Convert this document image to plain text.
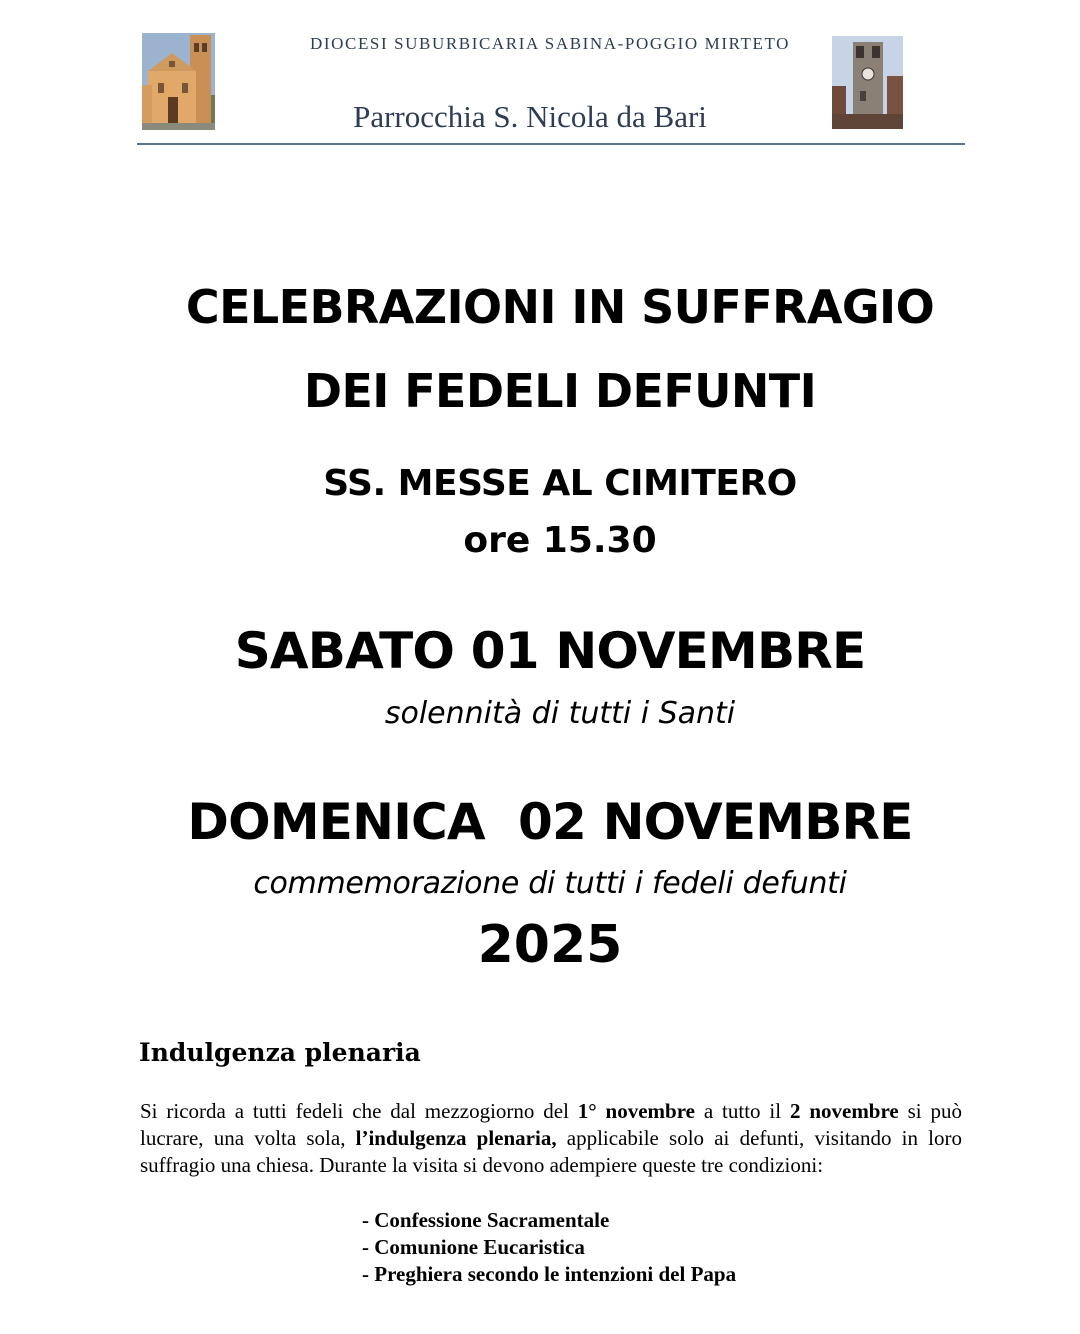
DIOCESI SUBURBICARIA SABINA-POGGIO MIRTETO
Parrocchia S. Nicola da Bari
CELEBRAZIONI IN SUFFRAGIO
DEI FEDELI DEFUNTI
SS. MESSE AL CIMITERO
ore 15.30
SABATO 01 NOVEMBRE
solennità di tutti i Santi
DOMENICA  02 NOVEMBRE
commemorazione di tutti i fedeli defunti
2025
Indulgenza plenaria
Si ricorda a tutti fedeli che dal mezzogiorno del 1° novembre a tutto il 2 novembre si può lucrare, una volta sola, l’indulgenza plenaria, applicabile solo ai defunti, visitando in loro suffragio una chiesa. Durante la visita si devono adempiere queste tre condizioni:
- Confessione Sacramentale
- Comunione Eucaristica
- Preghiera secondo le intenzioni del Papa
